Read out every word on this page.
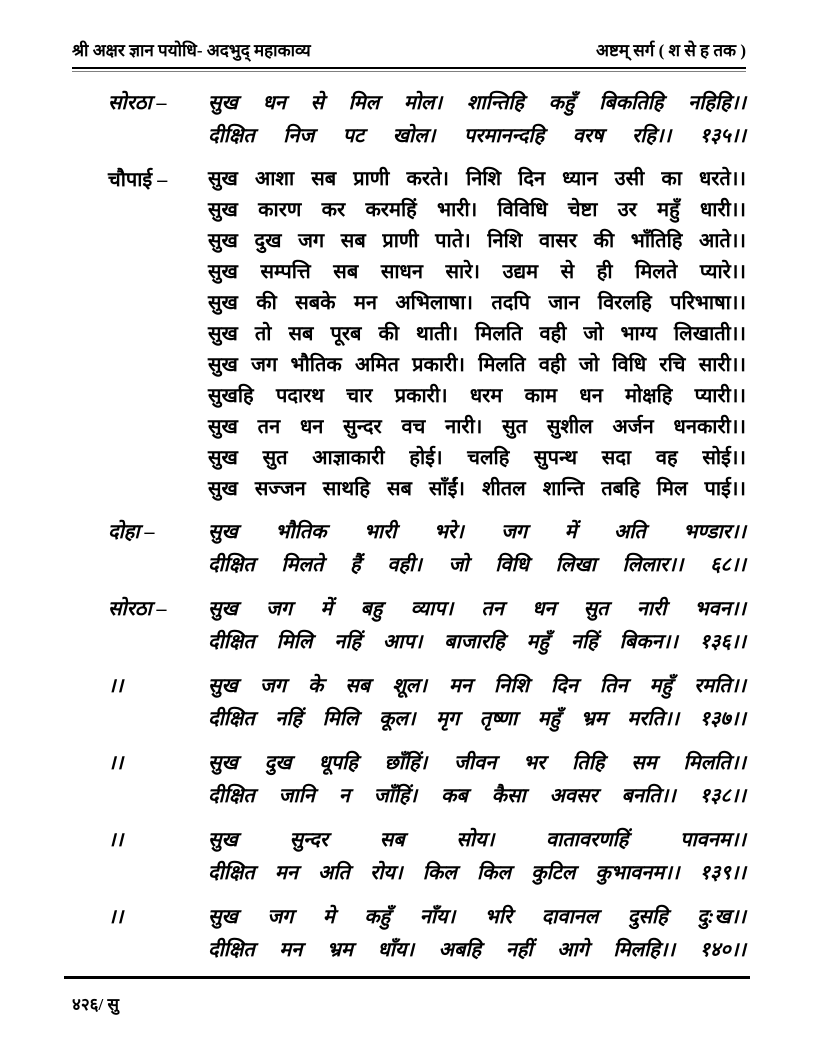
श्री अक्षर ज्ञान पयोधि- अदभुद् महाकाव्य	अष्टम् सर्ग ( श से ह तक )
सोरठा –	सुख धन से मिल मोल। शान्तिहि कहुँ बिकतिहि नहिहि।।
दीक्षित निज पट खोल। परमानन्दहि वरष रहि।। १३५।।
चौपाई –	सुख आशा सब प्राणी करते। निशि दिन ध्यान उसी का धरते।।
सुख कारण कर करमहिं भारी। विविधि चेष्टा उर महुँ धारी।।
सुख दुख जग सब प्राणी पाते। निशि वासर की भाँतिहि आते।।
सुख सम्पत्ति सब साधन सारे। उद्यम से ही मिलते प्यारे।।
सुख की सबके मन अभिलाषा। तदपि जान विरलहि परिभाषा।।
सुख तो सब पूरब की थाती। मिलति वही जो भाग्य लिखाती।।
सुख जग भौतिक अमित प्रकारी। मिलति वही जो विधि रचि सारी।।
सुखहि पदारथ चार प्रकारी। धरम काम धन मोक्षहि प्यारी।।
सुख तन धन सुन्दर वच नारी। सुत सुशील अर्जन धनकारी।।
सुख सुत आज्ञाकारी होई। चलहि सुपन्थ सदा वह सोई।।
सुख सज्जन साथहि सब साँईं। शीतल शान्ति तबहि मिल पाई।।
दोहा –	सुख भौतिक भारी भरे। जग में अति भण्डार।।
दीक्षित मिलते हैं वही। जो विधि लिखा लिलार।। ६८।।
सोरठा –	सुख जग में बहु व्याप। तन धन सुत नारी भवन।।
दीक्षित मिलि नहिं आप। बाजारहि महुँ नहिं बिकन।। १३६।।
।।	सुख जग के सब शूल। मन निशि दिन तिन महुँ रमति।।
दीक्षित नहिं मिलि कूल। मृग तृष्णा महुँ भ्रम मरति।। १३७।।
।।	सुख दुख धूपहि छाँहिं। जीवन भर तिहि सम मिलति।।
दीक्षित जानि न जाँहिं। कब कैसा अवसर बनति।। १३८।।
।।	सुख सुन्दर सब सोय। वातावरणहिं पावनम।।
दीक्षित मन अति रोय। किल किल कुटिल कुभावनम।। १३९।।
।।	सुख जग मे कहुँ नाँय। भरि दावानल दुसहि दु:ख।।
दीक्षित मन भ्रम धाँय। अबहि नहीं आगे मिलहि।। १४०।।
४२६/ सु
